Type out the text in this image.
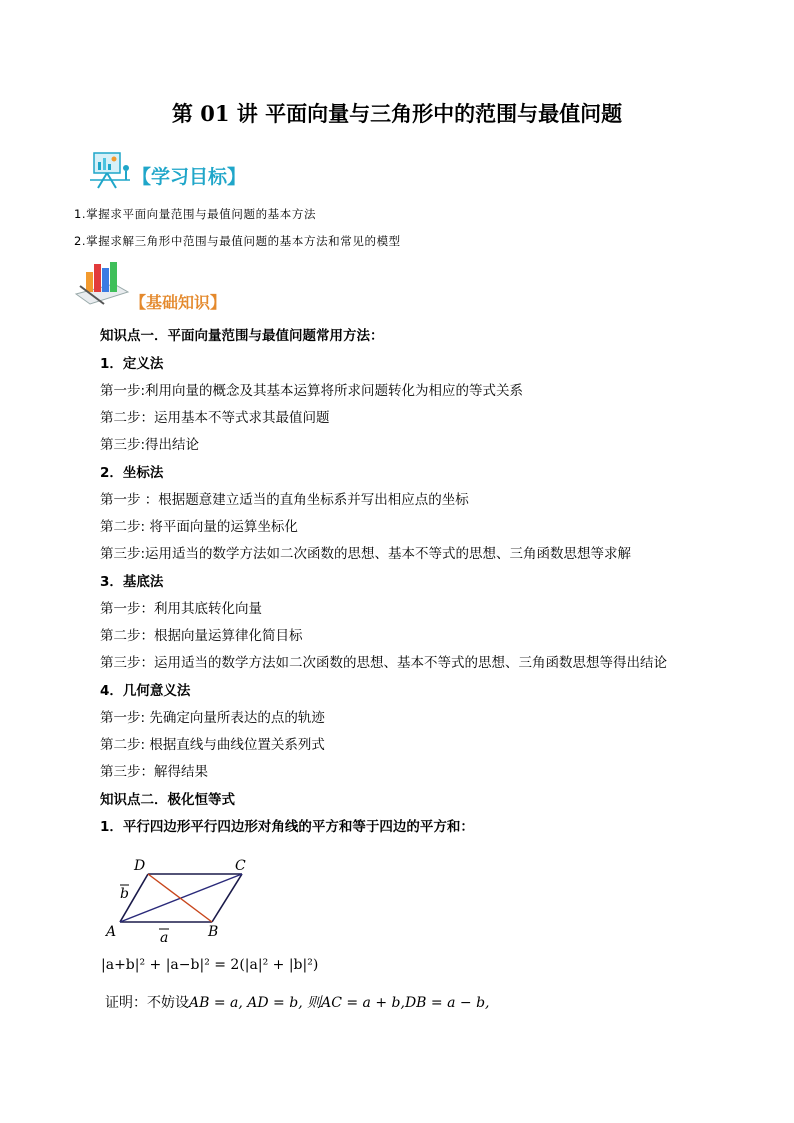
第 01 讲 平面向量与三角形中的范围与最值问题
【学习目标】
1.掌握求平面向量范围与最值问题的基本方法
2.掌握求解三角形中范围与最值问题的基本方法和常见的模型
【基础知识】
知识点一．平面向量范围与最值问题常用方法：
1．定义法
第一步:利用向量的概念及其基本运算将所求问题转化为相应的等式关系
第二步：运用基本不等式求其最值问题
第三步:得出结论
2．坐标法
第一步 ：根据题意建立适当的直角坐标系并写出相应点的坐标
第二步: 将平面向量的运算坐标化
第三步:运用适当的数学方法如二次函数的思想、基本不等式的思想、三角函数思想等求解
3．基底法
第一步：利用其底转化向量
第二步：根据向量运算律化简目标
第三步：运用适当的数学方法如二次函数的思想、基本不等式的思想、三角函数思想等得出结论
4．几何意义法
第一步: 先确定向量所表达的点的轨迹
第二步: 根据直线与曲线位置关系列式
第三步：解得结果
知识点二．极化恒等式
1．平行四边形平行四边形对角线的平方和等于四边的平方和：
D	C
A	B
b
a
|a+b|² + |a−b|² = 2(|a|² + |b|²)
证明：不妨设AB = a, AD = b, 则AC = a + b,DB = a − b,
